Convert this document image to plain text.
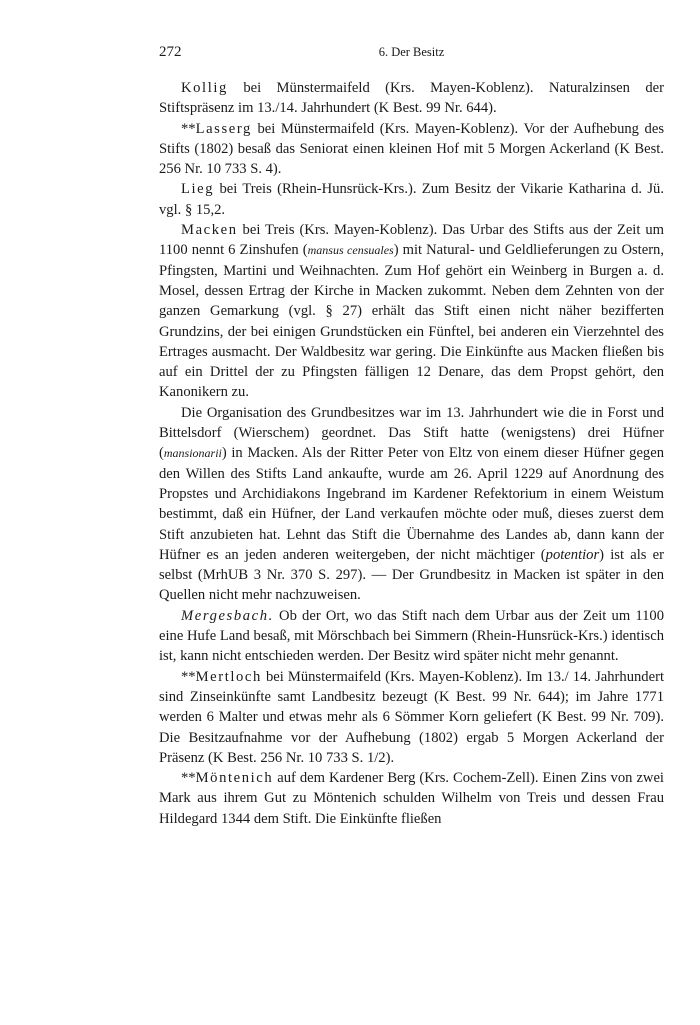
272	6. Der Besitz

Kollig bei Münstermaifeld (Krs. Mayen-Koblenz). Naturalzinsen der Stiftspräsenz im 13./14. Jahrhundert (K Best. 99 Nr. 644).

**Lasserg bei Münstermaifeld (Krs. Mayen-Koblenz). Vor der Aufhebung des Stifts (1802) besaß das Seniorat einen kleinen Hof mit 5 Morgen Ackerland (K Best. 256 Nr. 10 733 S. 4).

Lieg bei Treis (Rhein-Hunsrück-Krs.). Zum Besitz der Vikarie Katharina d. Jü. vgl. § 15,2.

Macken bei Treis (Krs. Mayen-Koblenz). Das Urbar des Stifts aus der Zeit um 1100 nennt 6 Zinshufen (mansus censuales) mit Natural- und Geldlieferungen zu Ostern, Pfingsten, Martini und Weihnachten. Zum Hof gehört ein Weinberg in Burgen a. d. Mosel, dessen Ertrag der Kirche in Macken zukommt. Neben dem Zehnten von der ganzen Gemarkung (vgl. § 27) erhält das Stift einen nicht näher bezifferten Grundzins, der bei einigen Grundstücken ein Fünftel, bei anderen ein Vierzehntel des Ertrages ausmacht. Der Waldbesitz war gering. Die Einkünfte aus Macken fließen bis auf ein Drittel der zu Pfingsten fälligen 12 Denare, das dem Propst gehört, den Kanonikern zu.

Die Organisation des Grundbesitzes war im 13. Jahrhundert wie die in Forst und Bittelsdorf (Wierschem) geordnet. Das Stift hatte (wenigstens) drei Hüfner (mansionarii) in Macken. Als der Ritter Peter von Eltz von einem dieser Hüfner gegen den Willen des Stifts Land ankaufte, wurde am 26. April 1229 auf Anordnung des Propstes und Archidiakons Ingebrand im Kardener Refektorium in einem Weistum bestimmt, daß ein Hüfner, der Land verkaufen möchte oder muß, dieses zuerst dem Stift anzubieten hat. Lehnt das Stift die Übernahme des Landes ab, dann kann der Hüfner es an jeden anderen weitergeben, der nicht mächtiger (potentior) ist als er selbst (MrhUB 3 Nr. 370 S. 297). — Der Grundbesitz in Macken ist später in den Quellen nicht mehr nachzuweisen.

Mergesbach. Ob der Ort, wo das Stift nach dem Urbar aus der Zeit um 1100 eine Hufe Land besaß, mit Mörschbach bei Simmern (Rhein-Hunsrück-Krs.) identisch ist, kann nicht entschieden werden. Der Besitz wird später nicht mehr genannt.

**Mertloch bei Münstermaifeld (Krs. Mayen-Koblenz). Im 13./ 14. Jahrhundert sind Zinseinkünfte samt Landbesitz bezeugt (K Best. 99 Nr. 644); im Jahre 1771 werden 6 Malter und etwas mehr als 6 Sömmer Korn geliefert (K Best. 99 Nr. 709). Die Besitzaufnahme vor der Aufhebung (1802) ergab 5 Morgen Ackerland der Präsenz (K Best. 256 Nr. 10 733 S. 1/2).

**Möntenich auf dem Kardener Berg (Krs. Cochem-Zell). Einen Zins von zwei Mark aus ihrem Gut zu Möntenich schulden Wilhelm von Treis und dessen Frau Hildegard 1344 dem Stift. Die Einkünfte fließen
